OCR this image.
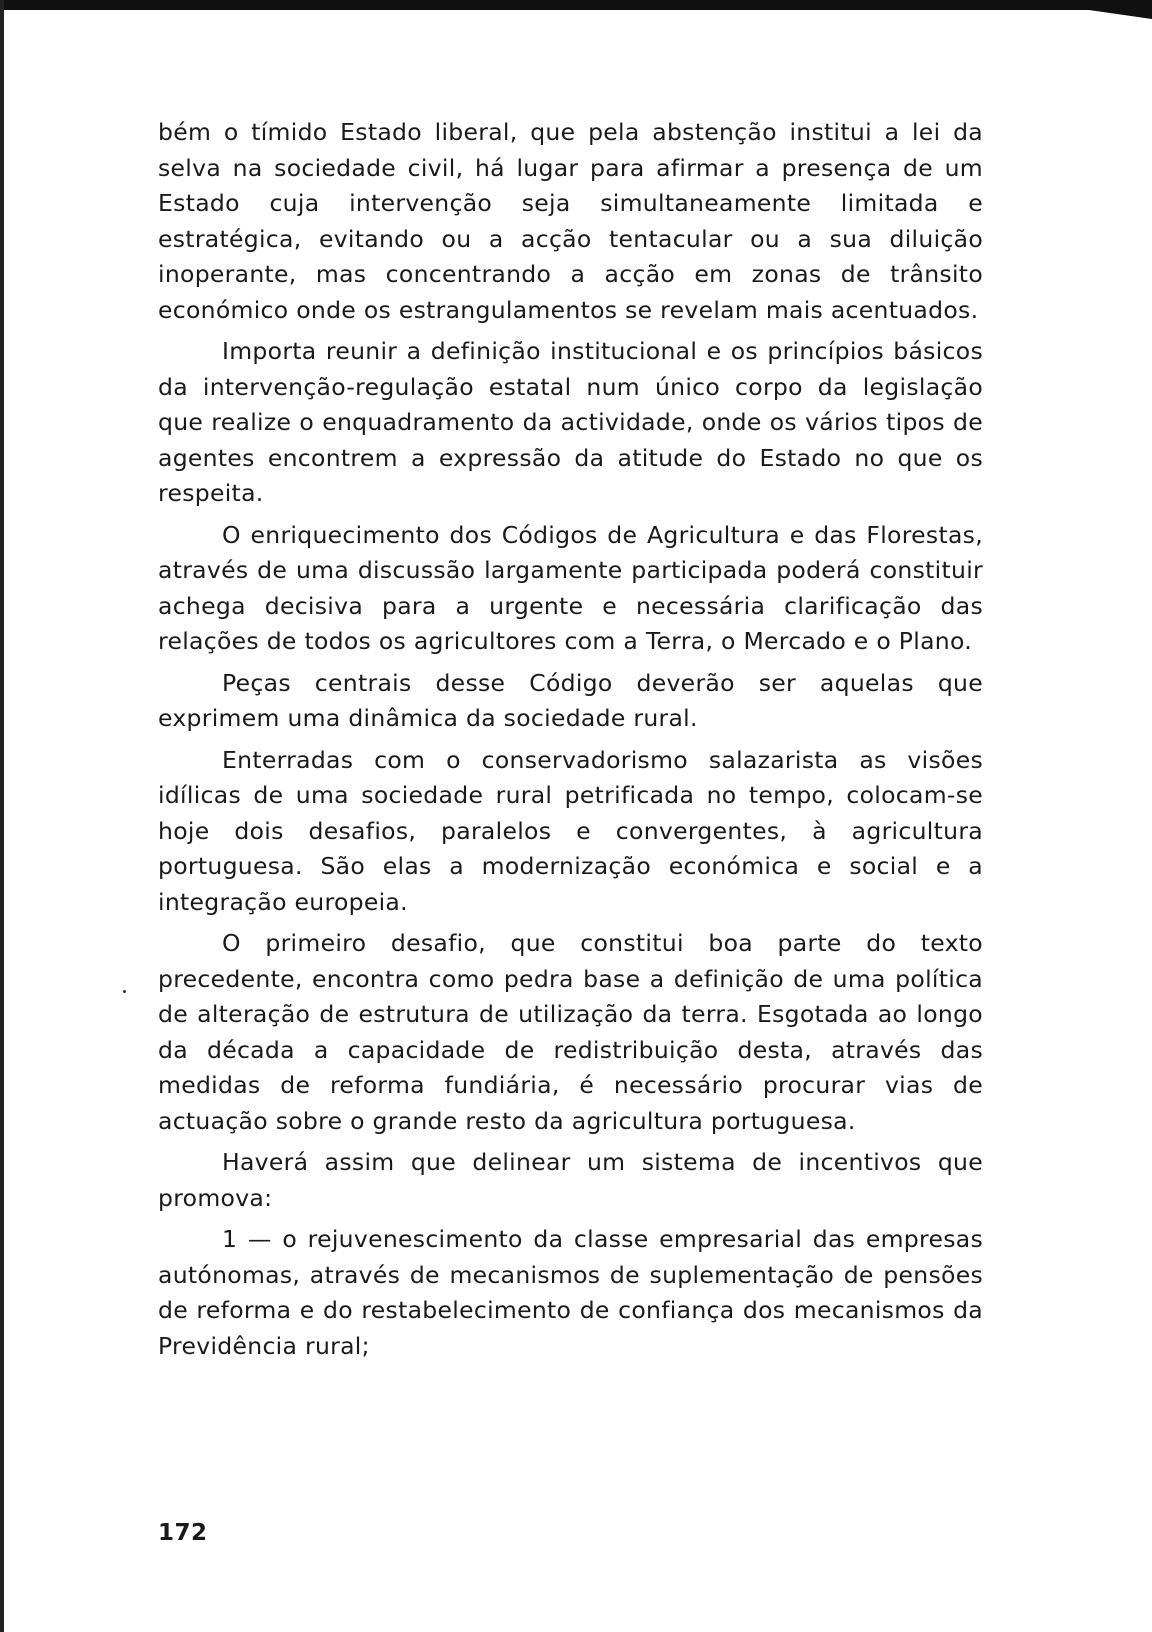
bém o tímido Estado liberal, que pela abstenção institui a lei da selva na sociedade civil, há lugar para afirmar a presença de um Estado cuja intervenção seja simultaneamente limitada e estratégica, evitando ou a acção tentacular ou a sua diluição inoperante, mas concentrando a acção em zonas de trânsito económico onde os estrangulamentos se revelam mais acentuados.

Importa reunir a definição institucional e os princípios básicos da intervenção-regulação estatal num único corpo da legislação que realize o enquadramento da actividade, onde os vários tipos de agentes encontrem a expressão da atitude do Estado no que os respeita.

O enriquecimento dos Códigos de Agricultura e das Florestas, através de uma discussão largamente participada poderá constituir achega decisiva para a urgente e necessária clarificação das relações de todos os agricultores com a Terra, o Mercado e o Plano.

Peças centrais desse Código deverão ser aquelas que exprimem uma dinâmica da sociedade rural.

Enterradas com o conservadorismo salazarista as visões idílicas de uma sociedade rural petrificada no tempo, colocam-se hoje dois desafios, paralelos e convergentes, à agricultura portuguesa. São elas a modernização económica e social e a integração europeia.

O primeiro desafio, que constitui boa parte do texto precedente, encontra como pedra base a definição de uma política de alteração de estrutura de utilização da terra. Esgotada ao longo da década a capacidade de redistribuição desta, através das medidas de reforma fundiária, é necessário procurar vias de actuação sobre o grande resto da agricultura portuguesa.

Haverá assim que delinear um sistema de incentivos que promova:

1 — o rejuvenescimento da classe empresarial das empresas autónomas, através de mecanismos de suplementação de pensões de reforma e do restabelecimento de confiança dos mecanismos da Previdência rural;

172
